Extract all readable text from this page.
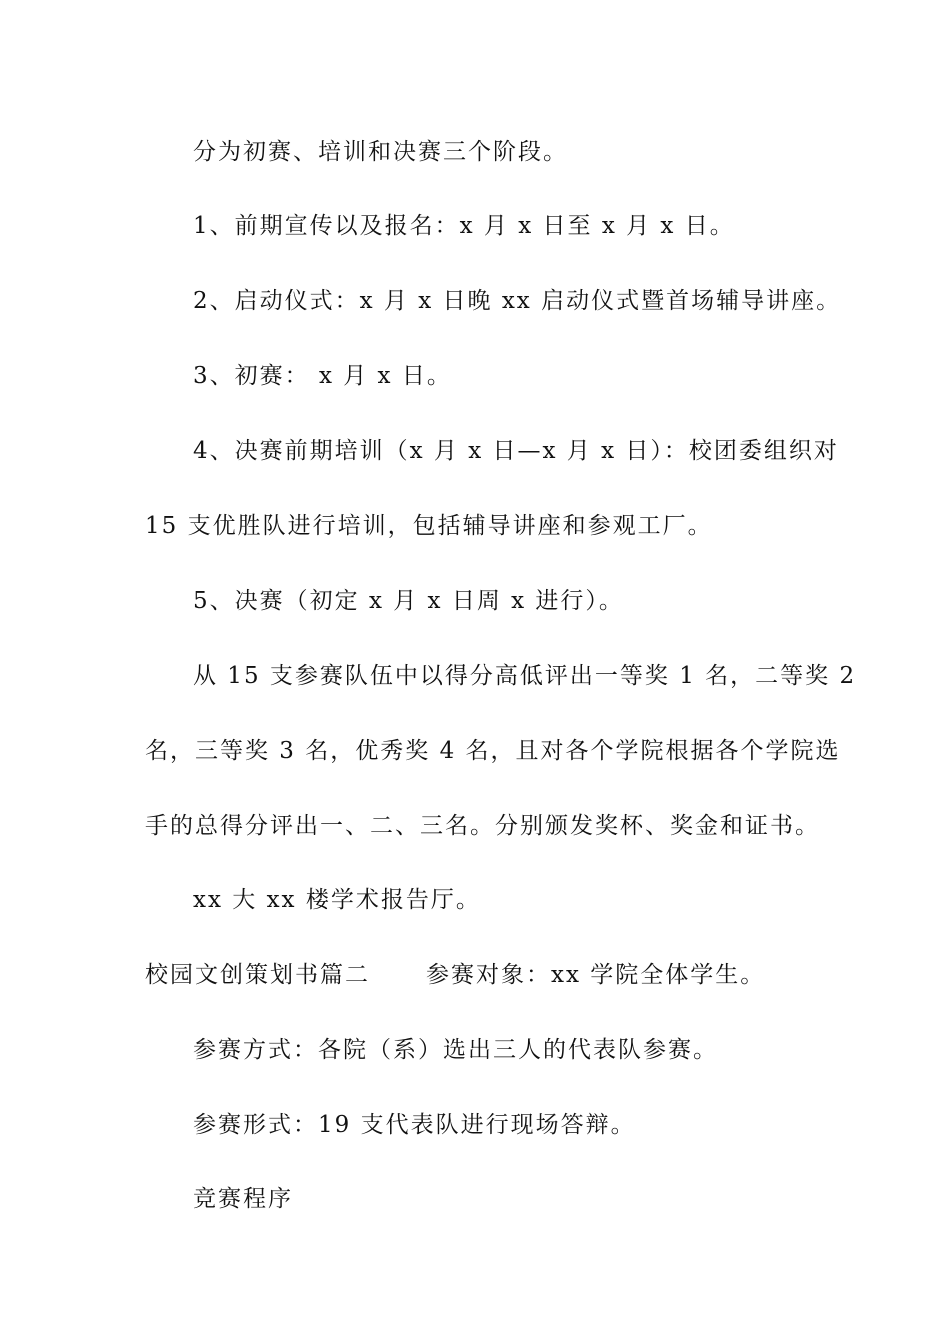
分为初赛、培训和决赛三个阶段。

1、前期宣传以及报名：x 月 x 日至 x 月 x 日。

2、启动仪式：x 月 x 日晚 xx 启动仪式暨首场辅导讲座。

3、初赛： x 月 x 日。

4、决赛前期培训（x 月 x 日—x 月 x 日）：校团委组织对

15 支优胜队进行培训，包括辅导讲座和参观工厂。

5、决赛（初定 x 月 x 日周 x 进行）。

从 15 支参赛队伍中以得分高低评出一等奖 1 名，二等奖 2

名，三等奖 3 名，优秀奖 4 名，且对各个学院根据各个学院选

手的总得分评出一、二、三名。分别颁发奖杯、奖金和证书。

xx 大 xx 楼学术报告厅。

校园文创策划书篇二 参赛对象：xx 学院全体学生。

参赛方式：各院（系）选出三人的代表队参赛。

参赛形式：19 支代表队进行现场答辩。

竞赛程序
